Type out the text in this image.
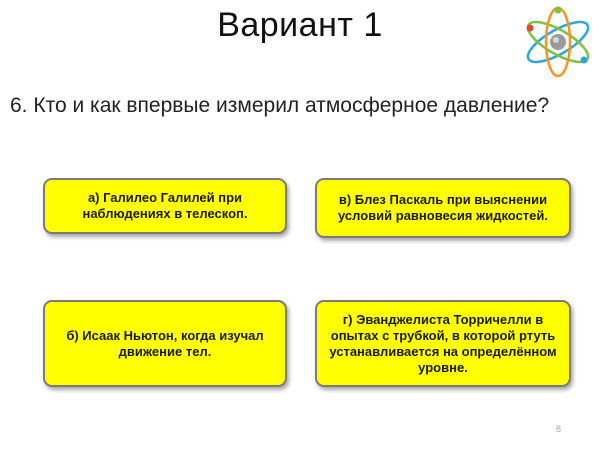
Вариант 1
6. Кто и как впервые измерил атмосферное давление?
а) Галилео Галилей при наблюдениях в телескоп.
в) Блез Паскаль при выяснении условий равновесия жидкостей.
б) Исаак Ньютон, когда изучал движение тел.
г) Эванджелиста Торричелли в опытах с трубкой, в которой ртуть устанавливается на определённом уровне.
8
